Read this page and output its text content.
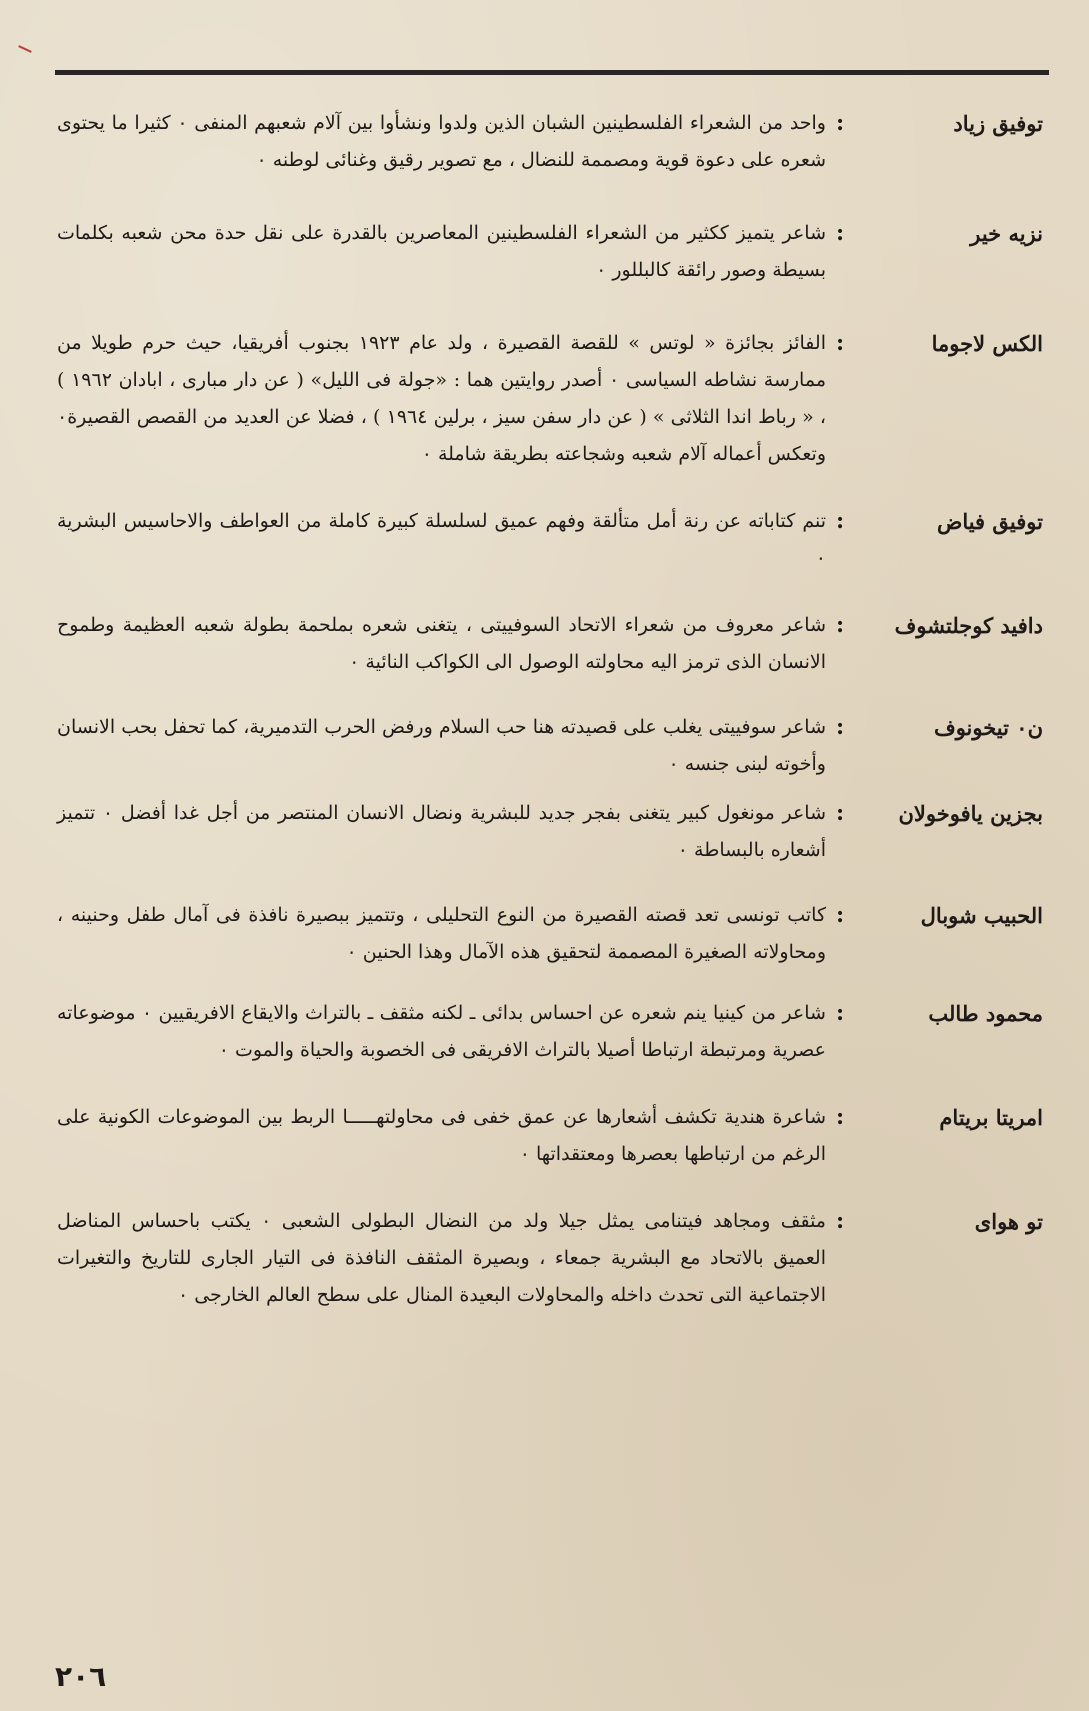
توفيق زياد
:
واحد من الشعراء الفلسطينين الشبان الذين ولدوا ونشأوا بين آلام شعبهم المنفى ٠ كثيرا ما يحتوى شعره على دعوة قوية ومصممة للنضال ، مع تصوير رقيق وغنائى لوطنه ٠
نزيه خير
:
شاعر يتميز ككثير من الشعراء الفلسطينين المعاصرين بالقدرة على نقل حدة محن شعبه بكلمات بسيطة وصور رائقة كالبللور ٠
الكس لاجوما
:
الفائز بجائزة « لوتس » للقصة القصيرة ، ولد عام ١٩٢٣ بجنوب أفريقيا، حيث حرم طويلا من ممارسة نشاطه السياسى ٠ أصدر روايتين هما : «جولة فى الليل» ( عن دار مبارى ، ابادان ١٩٦٢ ) ، « رباط اندا الثلاثى » ( عن دار سفن سيز ، برلين ١٩٦٤ ) ، فضلا عن العديد من القصص القصيرة٠ وتعكس أعماله آلام شعبه وشجاعته بطريقة شاملة ٠
توفيق فياض
:
تنم كتاباته عن رنة أمل متألقة وفهم عميق لسلسلة كبيرة كاملة من العواطف والاحاسيس البشرية ٠
دافيد كوجلتشوف
:
شاعر معروف من شعراء الاتحاد السوفييتى ، يتغنى شعره بملحمة بطولة شعبه العظيمة وطموح الانسان الذى ترمز اليه محاولته الوصول الى الكواكب النائية ٠
ن٠ تيخونوف
:
شاعر سوفييتى يغلب على قصيدته هنا حب السلام ورفض الحرب التدميرية، كما تحفل بحب الانسان وأخوته لبنى جنسه ٠
بجزين يافوخولان
:
شاعر مونغول كبير يتغنى بفجر جديد للبشرية ونضال الانسان المنتصر من أجل غدا أفضل ٠ تتميز أشعاره بالبساطة ٠
الحبيب شوبال
:
كاتب تونسى تعد قصته القصيرة من النوع التحليلى ، وتتميز ببصيرة نافذة فى آمال طفل وحنينه ، ومحاولاته الصغيرة المصممة لتحقيق هذه الآمال وهذا الحنين ٠
محمود طالب
:
شاعر من كينيا ينم شعره عن احساس بدائى ـ لكنه مثقف ـ بالتراث والايقاع الافريقيين ٠ موضوعاته عصرية ومرتبطة ارتباطا أصيلا بالتراث الافريقى فى الخصوبة والحياة والموت ٠
امريتا بريتام
:
شاعرة هندية تكشف أشعارها عن عمق خفى فى محاولتهـــــا الربط بين الموضوعات الكونية على الرغم من ارتباطها بعصرها ومعتقداتها ٠
تو هواى
:
مثقف ومجاهد فيتنامى يمثل جيلا ولد من النضال البطولى الشعبى ٠ يكتب باحساس المناضل العميق بالاتحاد مع البشرية جمعاء ، وبصيرة المثقف النافذة فى التيار الجارى للتاريخ والتغيرات الاجتماعية التى تحدث داخله والمحاولات البعيدة المنال على سطح العالم الخارجى ٠
٢٠٦
